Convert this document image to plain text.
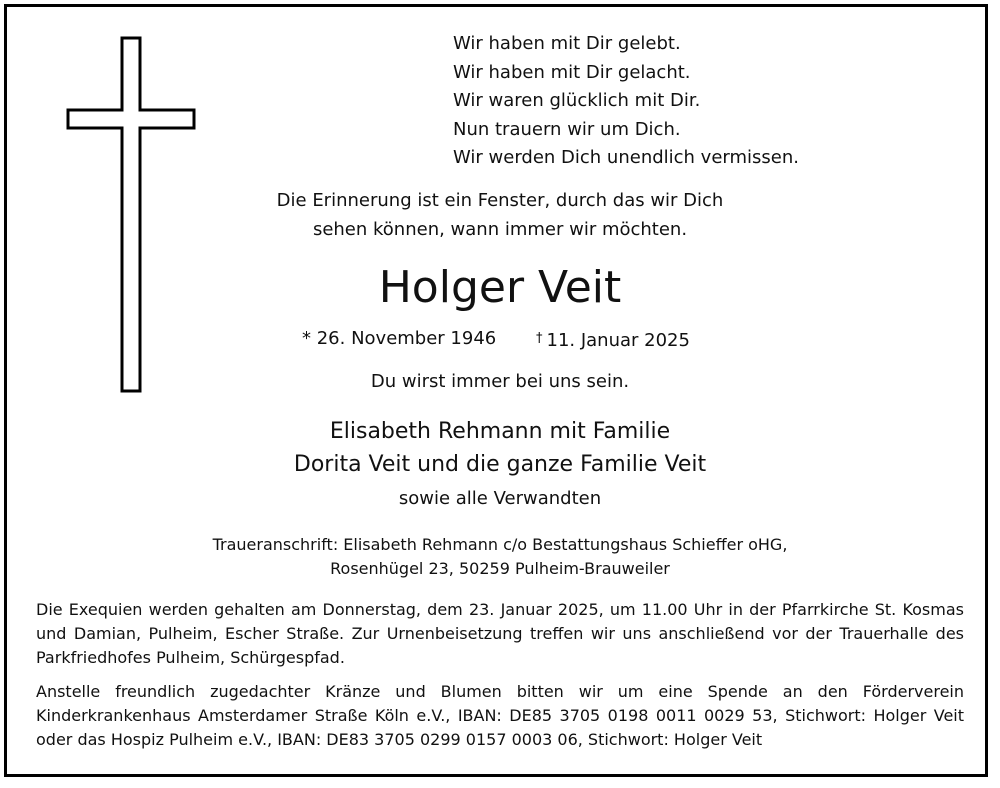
Wir haben mit Dir gelebt.
Wir haben mit Dir gelacht.
Wir waren glücklich mit Dir.
Nun trauern wir um Dich.
Wir werden Dich unendlich vermissen.
Die Erinnerung ist ein Fenster, durch das wir Dich
sehen können, wann immer wir möchten.
Holger Veit
* 26. November 1946	† 11. Januar 2025
Du wirst immer bei uns sein.
Elisabeth Rehmann mit Familie
Dorita Veit und die ganze Familie Veit
sowie alle Verwandten
Traueranschrift: Elisabeth Rehmann c/o Bestattungshaus Schieffer oHG,
Rosenhügel 23, 50259 Pulheim-Brauweiler
Die Exequien werden gehalten am Donnerstag, dem 23. Januar 2025, um 11.00 Uhr in der Pfarrkirche St. Kosmas und Damian, Pulheim, Escher Straße. Zur Urnenbeisetzung treffen wir uns anschließend vor der Trauerhalle des Parkfriedhofes Pulheim, Schürgespfad.
Anstelle freundlich zugedachter Kränze und Blumen bitten wir um eine Spende an den Förderverein Kinderkrankenhaus Amsterdamer Straße Köln e.V., IBAN: DE85 3705 0198 0011 0029 53, Stichwort: Holger Veit oder das Hospiz Pulheim e.V., IBAN: DE83 3705 0299 0157 0003 06, Stichwort: Holger Veit
